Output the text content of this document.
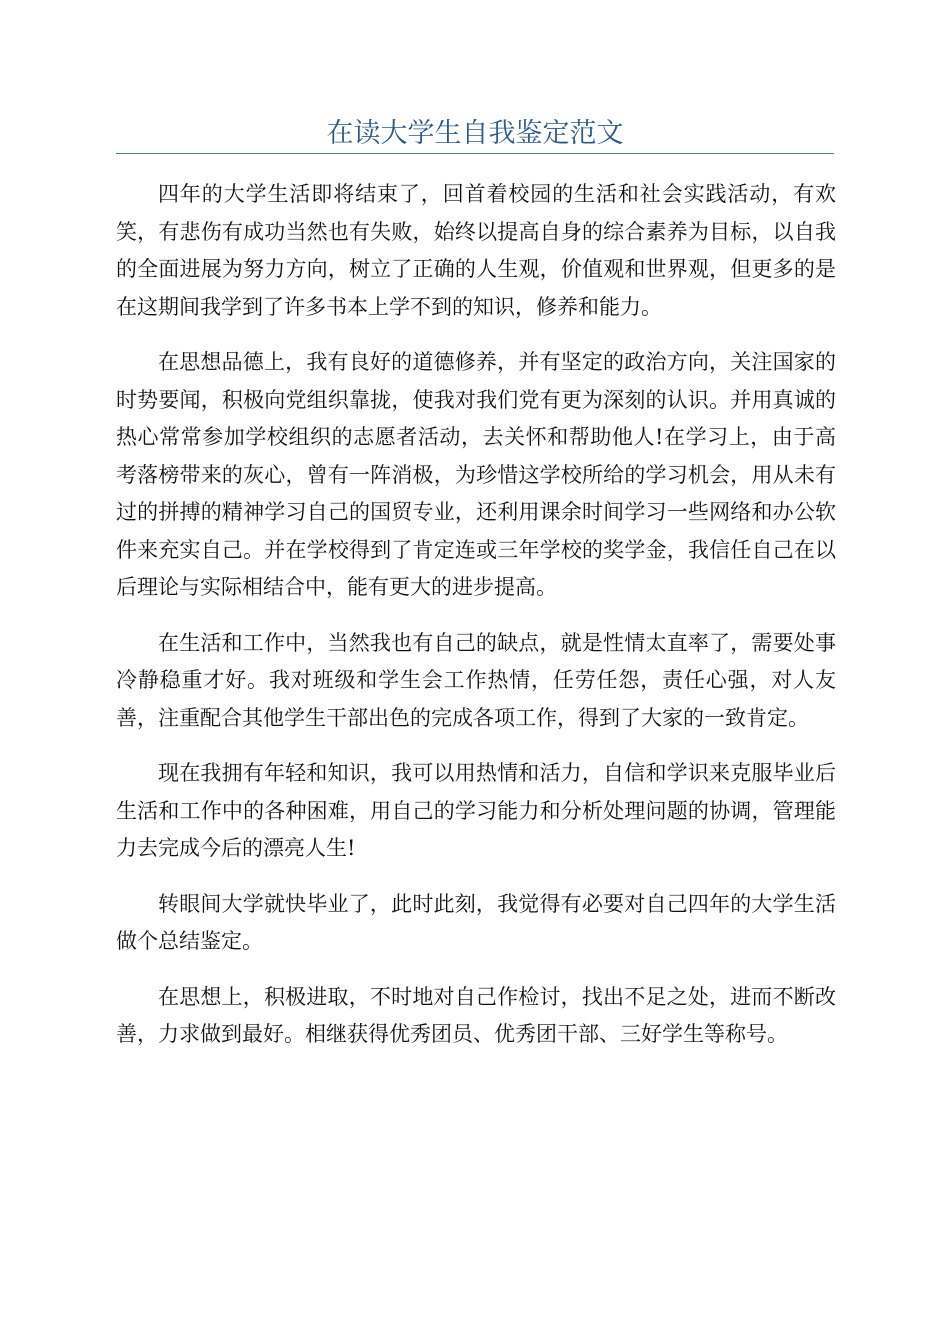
在读大学生自我鉴定范文

四年的大学生活即将结束了，回首着校园的生活和社会实践活动，有欢笑，有悲伤有成功当然也有失败，始终以提高自身的综合素养为目标，以自我的全面进展为努力方向，树立了正确的人生观，价值观和世界观，但更多的是在这期间我学到了许多书本上学不到的知识，修养和能力。

在思想品德上，我有良好的道德修养，并有坚定的政治方向，关注国家的时势要闻，积极向党组织靠拢，使我对我们党有更为深刻的认识。并用真诚的热心常常参加学校组织的志愿者活动，去关怀和帮助他人!在学习上，由于高考落榜带来的灰心，曾有一阵消极，为珍惜这学校所给的学习机会，用从未有过的拼搏的精神学习自己的国贸专业，还利用课余时间学习一些网络和办公软件来充实自己。并在学校得到了肯定连或三年学校的奖学金，我信任自己在以后理论与实际相结合中，能有更大的进步提高。

在生活和工作中，当然我也有自己的缺点，就是性情太直率了，需要处事冷静稳重才好。我对班级和学生会工作热情，任劳任怨，责任心强，对人友善，注重配合其他学生干部出色的完成各项工作，得到了大家的一致肯定。

现在我拥有年轻和知识，我可以用热情和活力，自信和学识来克服毕业后生活和工作中的各种困难，用自己的学习能力和分析处理问题的协调，管理能力去完成今后的漂亮人生!

转眼间大学就快毕业了，此时此刻，我觉得有必要对自己四年的大学生活做个总结鉴定。

在思想上，积极进取，不时地对自己作检讨，找出不足之处，进而不断改善，力求做到最好。相继获得优秀团员、优秀团干部、三好学生等称号。
